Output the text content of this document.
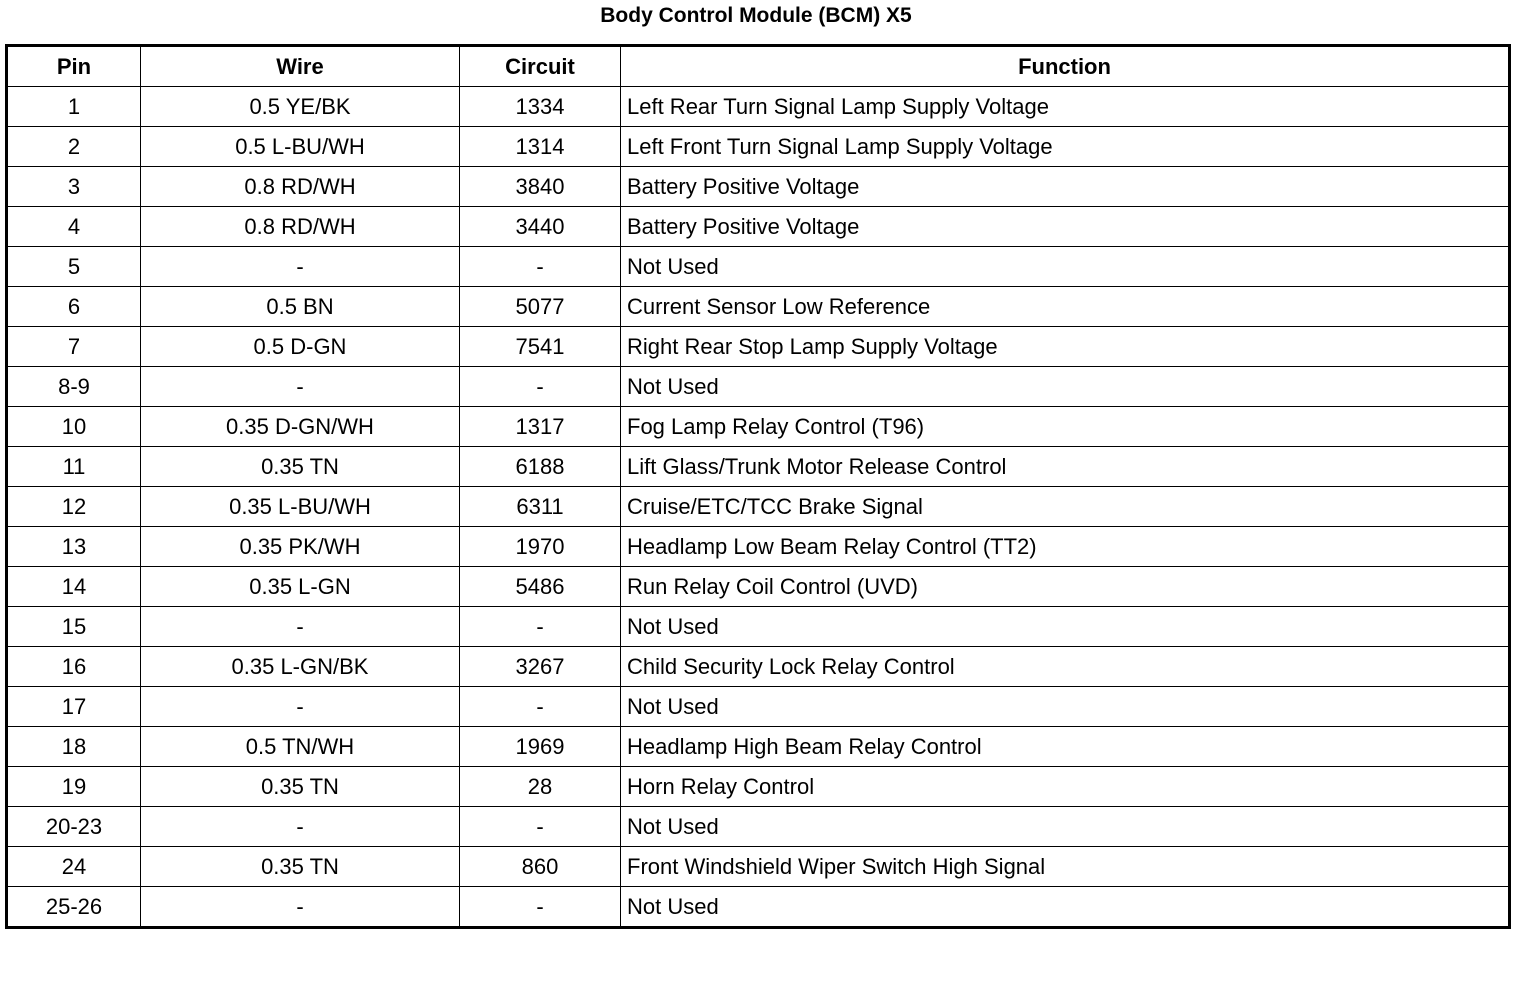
Body Control Module (BCM) X5
Pin	Wire	Circuit	Function
1	0.5 YE/BK	1334	Left Rear Turn Signal Lamp Supply Voltage
2	0.5 L-BU/WH	1314	Left Front Turn Signal Lamp Supply Voltage
3	0.8 RD/WH	3840	Battery Positive Voltage
4	0.8 RD/WH	3440	Battery Positive Voltage
5	-	-	Not Used
6	0.5 BN	5077	Current Sensor Low Reference
7	0.5 D-GN	7541	Right Rear Stop Lamp Supply Voltage
8-9	-	-	Not Used
10	0.35 D-GN/WH	1317	Fog Lamp Relay Control (T96)
11	0.35 TN	6188	Lift Glass/Trunk Motor Release Control
12	0.35 L-BU/WH	6311	Cruise/ETC/TCC Brake Signal
13	0.35 PK/WH	1970	Headlamp Low Beam Relay Control (TT2)
14	0.35 L-GN	5486	Run Relay Coil Control (UVD)
15	-	-	Not Used
16	0.35 L-GN/BK	3267	Child Security Lock Relay Control
17	-	-	Not Used
18	0.5 TN/WH	1969	Headlamp High Beam Relay Control
19	0.35 TN	28	Horn Relay Control
20-23	-	-	Not Used
24	0.35 TN	860	Front Windshield Wiper Switch High Signal
25-26	-	-	Not Used
